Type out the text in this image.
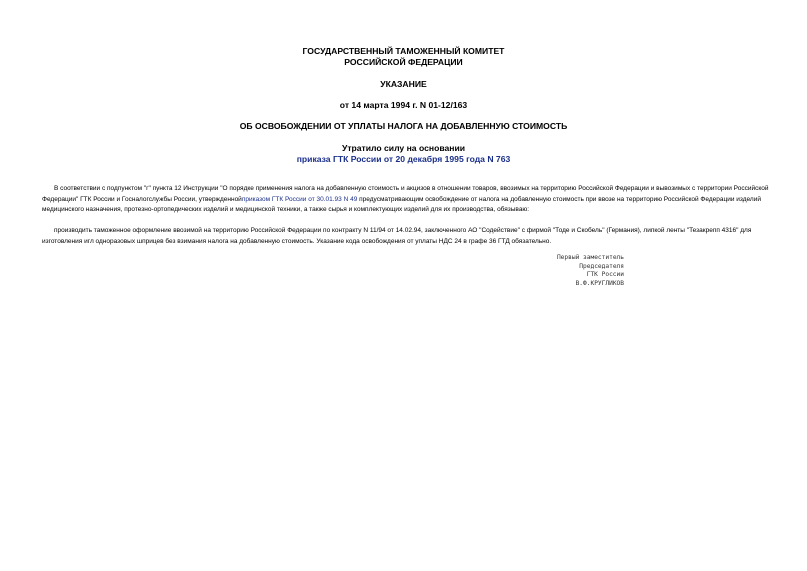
ГОСУДАРСТВЕННЫЙ ТАМОЖЕННЫЙ КОМИТЕТ
РОССИЙСКОЙ ФЕДЕРАЦИИ
УКАЗАНИЕ
от 14 марта 1994 г. N 01-12/163
ОБ ОСВОБОЖДЕНИИ ОТ УПЛАТЫ НАЛОГА НА ДОБАВЛЕННУЮ СТОИМОСТЬ
Утратило силу на основании
приказа ГТК России от 20 декабря 1995 года N 763
В соответствии с подпунктом "г" пункта 12 Инструкции "О порядке применения налога на добавленную стоимость и акцизов в отношении товаров, ввозимых на территорию Российской Федерации и вывозимых с территории Российской Федерации" ГТК России и Госналогслужбы России, утвержденнойприказом ГТК России от 30.01.93 N 49 предусматривающим освобождение от налога на добавленную стоимость при ввозе на территорию Российской Федерации изделий медицинского назначения, протезно-ортопедических изделий и медицинской техники, а также сырья и комплектующих изделий для их производства, обязываю:
производить таможенное оформление ввозимой на территорию Российской Федерации по контракту N 11/94 от 14.02.94, заключенного АО "Содействие" с фирмой "Тоде и Скобель" (Германия), липкой ленты "Тезакрепп 4316" для изготовления игл одноразовых шприцев без взимания налога на добавленную стоимость. Указание кода освобождения от уплаты НДС 24 в графе 36 ГТД обязательно.
Первый заместитель
Председателя
ГТК России
В.Ф.КРУГЛИКОВ
